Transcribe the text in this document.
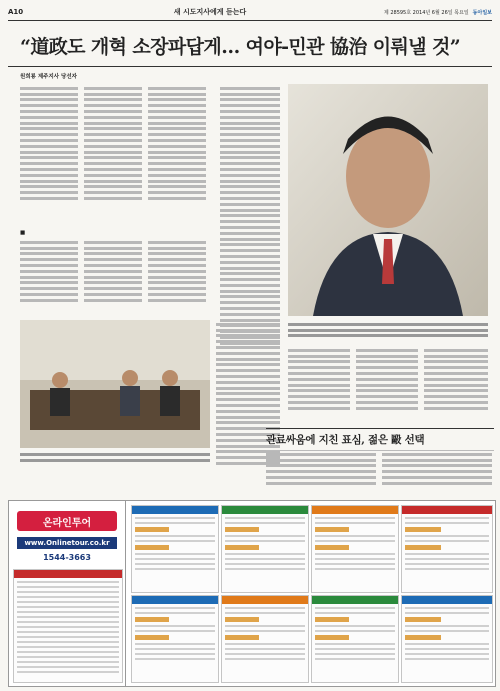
A10	새 시도지사에게 듣는다	제 28595호 2014년 6월 26일 목요일 동아일보
“道政도 개혁 소장파답게… 여야-민관 協治 이뤄낼 것”
원희룡 제주지사 당선자
■
관료싸움에 지친 표심, 젊은 毆 선택
온라인투어
www.Onlinetour.co.kr
1544-3663
